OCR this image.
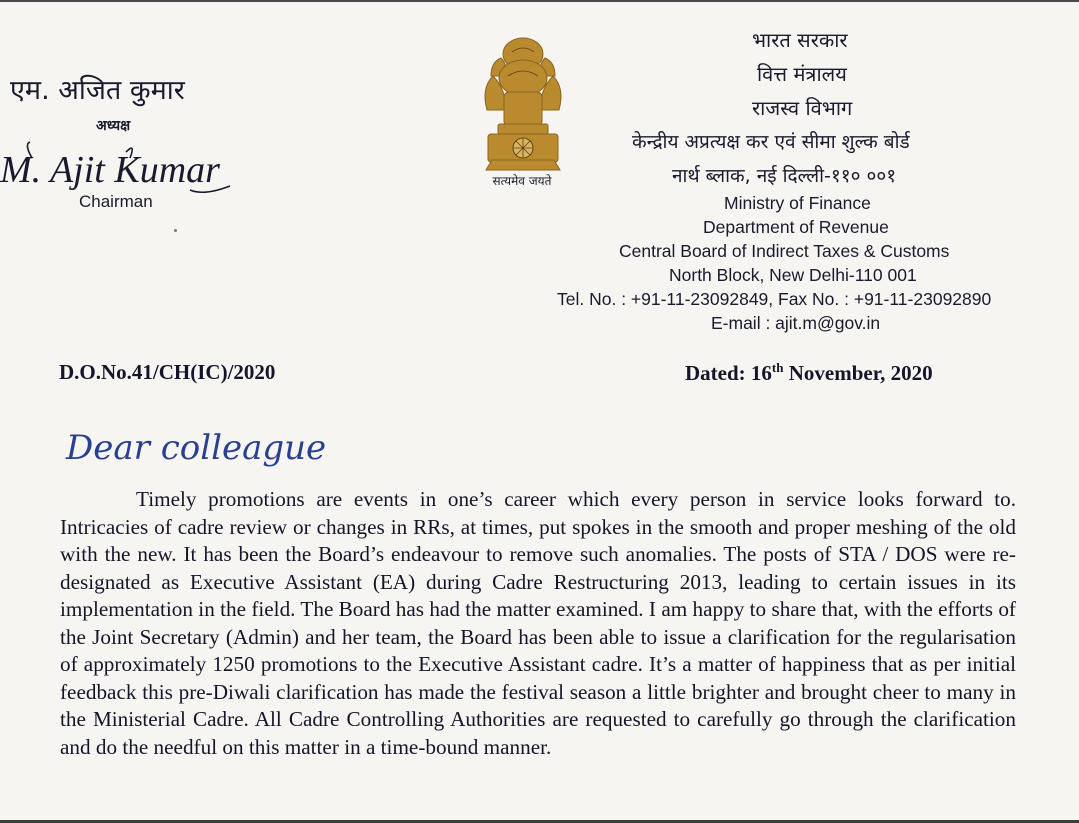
एम. अजित कुमार
अध्यक्ष
M. Ajit Kumar
Chairman
सत्यमेव जयते
भारत सरकार
वित्त मंत्रालय
राजस्व विभाग
केन्द्रीय अप्रत्यक्ष कर एवं सीमा शुल्क बोर्ड
नार्थ ब्लाक, नई दिल्ली-११० ००१
Ministry of Finance
Department of Revenue
Central Board of Indirect Taxes & Customs
North Block, New Delhi-110 001
Tel. No. : +91-11-23092849, Fax No. : +91-11-23092890
E-mail : ajit.m@gov.in
D.O.No.41/CH(IC)/2020	Dated: 16th November, 2020
Dear colleague

Timely promotions are events in one’s career which every person in service looks forward to. Intricacies of cadre review or changes in RRs, at times, put spokes in the smooth and proper meshing of the old with the new. It has been the Board’s endeavour to remove such anomalies. The posts of STA / DOS were re-designated as Executive Assistant (EA) during Cadre Restructuring 2013, leading to certain issues in its implementation in the field. The Board has had the matter examined. I am happy to share that, with the efforts of the Joint Secretary (Admin) and her team, the Board has been able to issue a clarification for the regularisation of approximately 1250 promotions to the Executive Assistant cadre. It’s a matter of happiness that as per initial feedback this pre-Diwali clarification has made the festival season a little brighter and brought cheer to many in the Ministerial Cadre. All Cadre Controlling Authorities are requested to carefully go through the clarification and do the needful on this matter in a time-bound manner.
